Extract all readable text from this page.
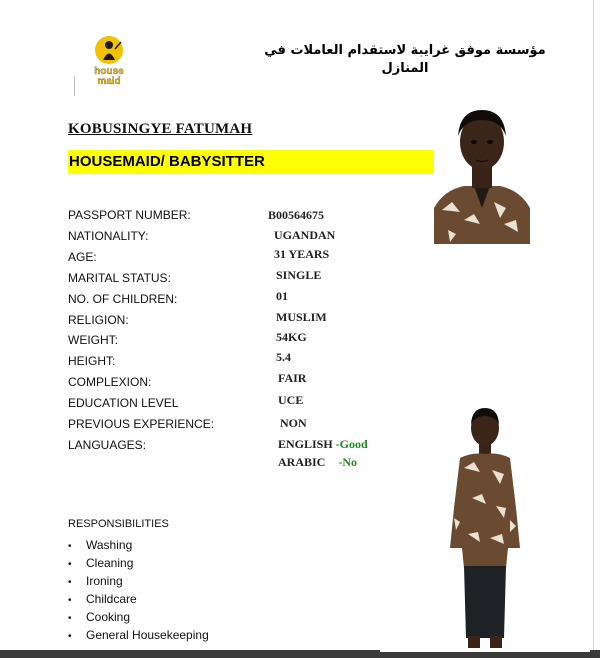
house
maid
مؤسسة موفق غرايبة لاستقدام العاملات في المنازل
KOBUSINGYE FATUMAH
HOUSEMAID/ BABYSITTER
PASSPORT NUMBER:
NATIONALITY:
AGE:
MARITAL STATUS:
NO. OF CHILDREN:
RELIGION:
WEIGHT:
HEIGHT:
COMPLEXION:
EDUCATION LEVEL
PREVIOUS EXPERIENCE:
LANGUAGES:
B00564675
UGANDAN
31 YEARS
SINGLE
01
MUSLIM
54KG
5.4
FAIR
UCE
NON
ENGLISH -Good
ARABIC -No
RESPONSIBILITIES
• Washing
• Cleaning
• Ironing
• Childcare
• Cooking
• General Housekeeping
